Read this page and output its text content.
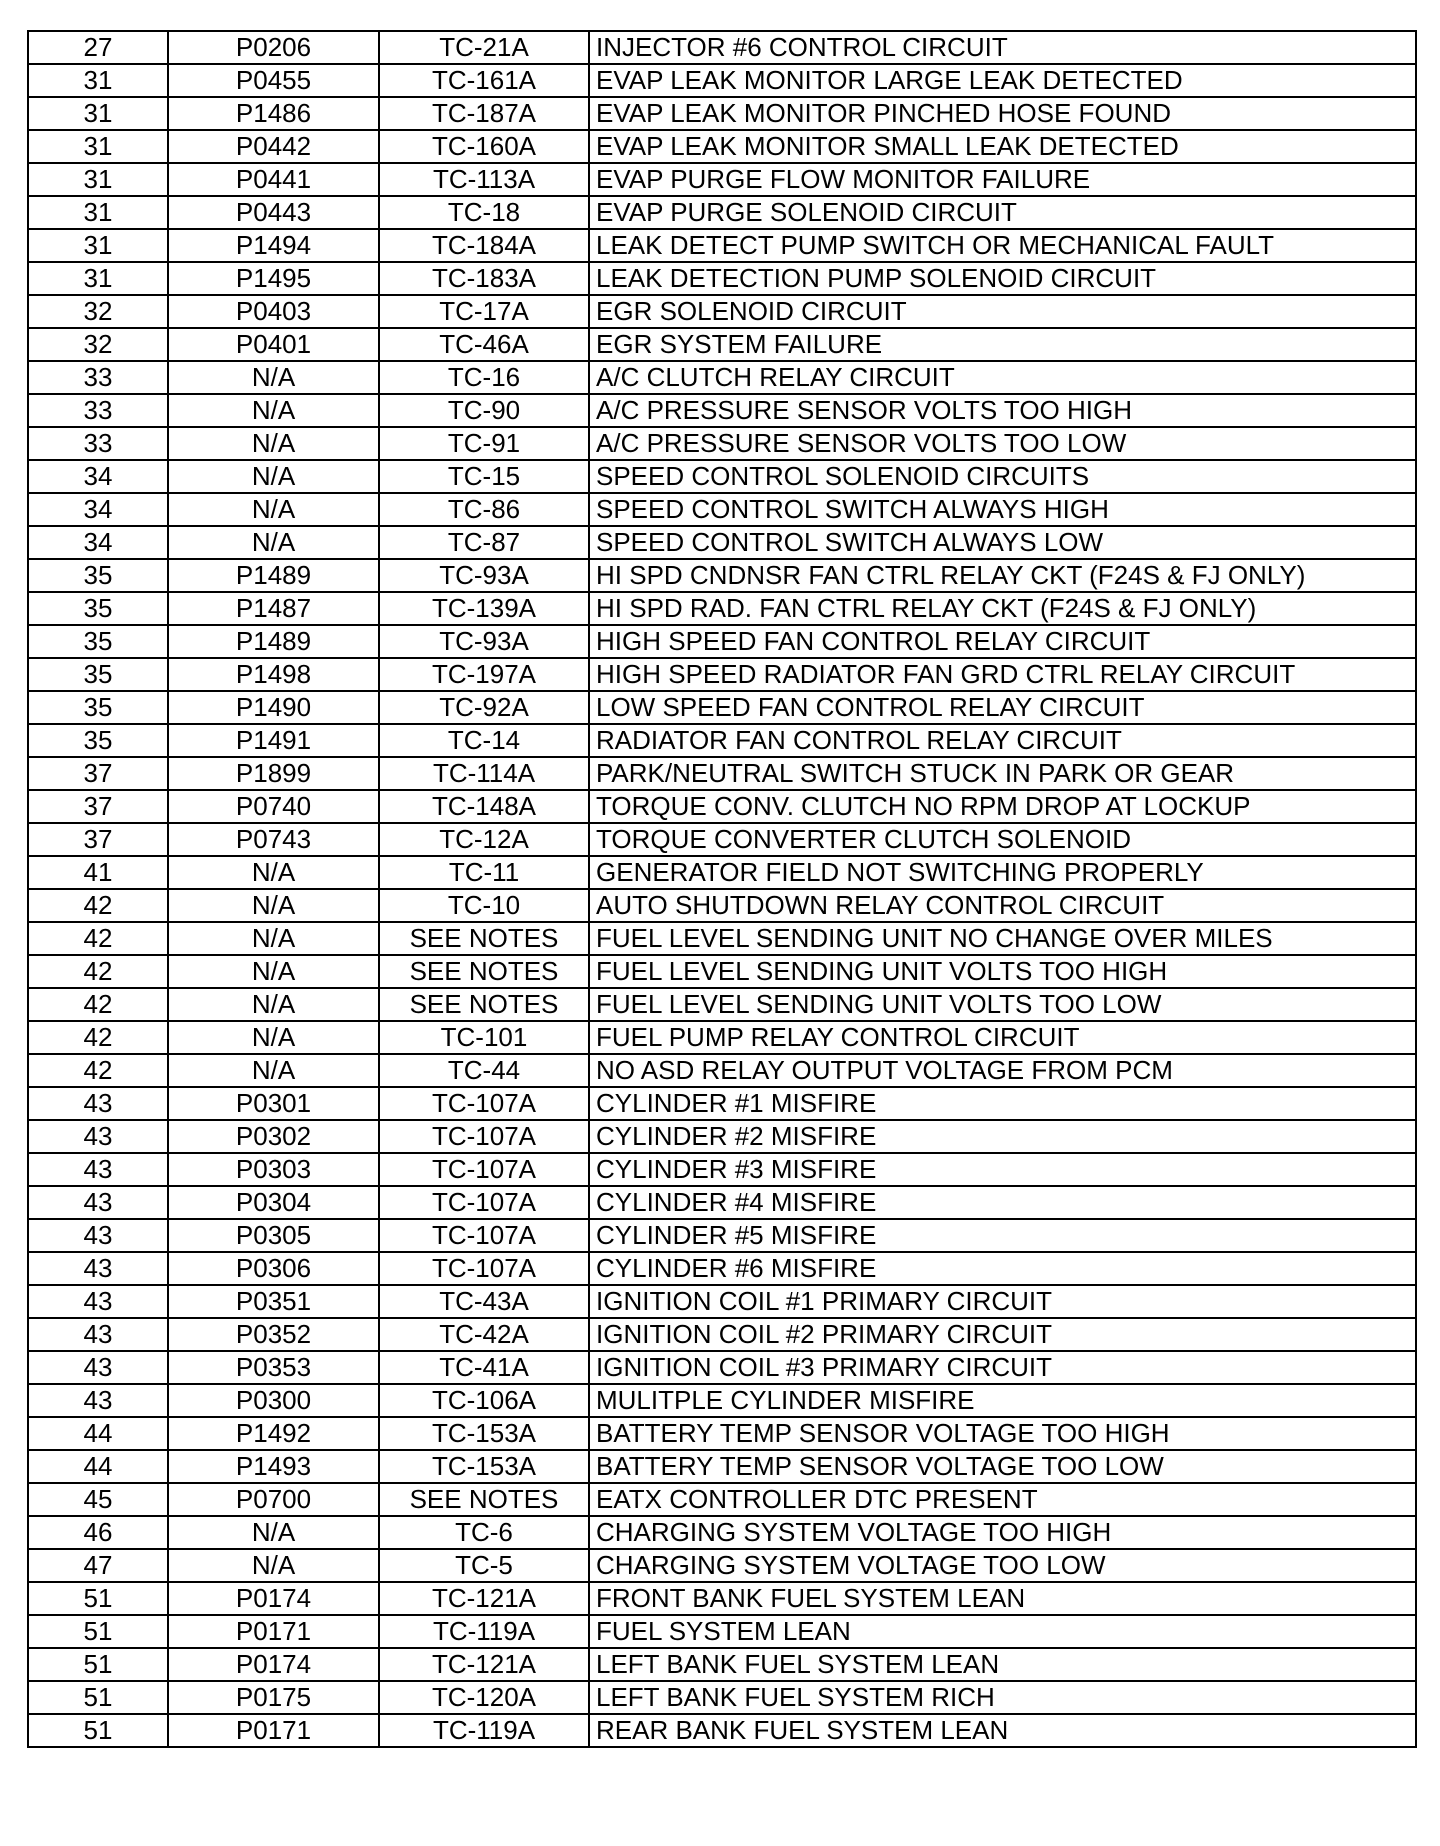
27	P0206	TC-21A	INJECTOR #6 CONTROL CIRCUIT
31	P0455	TC-161A	EVAP LEAK MONITOR LARGE LEAK DETECTED
31	P1486	TC-187A	EVAP LEAK MONITOR PINCHED HOSE FOUND
31	P0442	TC-160A	EVAP LEAK MONITOR SMALL LEAK DETECTED
31	P0441	TC-113A	EVAP PURGE FLOW MONITOR FAILURE
31	P0443	TC-18	EVAP PURGE SOLENOID CIRCUIT
31	P1494	TC-184A	LEAK DETECT PUMP SWITCH OR MECHANICAL FAULT
31	P1495	TC-183A	LEAK DETECTION PUMP SOLENOID CIRCUIT
32	P0403	TC-17A	EGR SOLENOID CIRCUIT
32	P0401	TC-46A	EGR SYSTEM FAILURE
33	N/A	TC-16	A/C CLUTCH RELAY CIRCUIT
33	N/A	TC-90	A/C PRESSURE SENSOR VOLTS TOO HIGH
33	N/A	TC-91	A/C PRESSURE SENSOR VOLTS TOO LOW
34	N/A	TC-15	SPEED CONTROL SOLENOID CIRCUITS
34	N/A	TC-86	SPEED CONTROL SWITCH ALWAYS HIGH
34	N/A	TC-87	SPEED CONTROL SWITCH ALWAYS LOW
35	P1489	TC-93A	HI SPD CNDNSR FAN CTRL RELAY CKT (F24S & FJ ONLY)
35	P1487	TC-139A	HI SPD RAD. FAN CTRL RELAY CKT (F24S & FJ ONLY)
35	P1489	TC-93A	HIGH SPEED FAN CONTROL RELAY CIRCUIT
35	P1498	TC-197A	HIGH SPEED RADIATOR FAN GRD CTRL RELAY CIRCUIT
35	P1490	TC-92A	LOW SPEED FAN CONTROL RELAY CIRCUIT
35	P1491	TC-14	RADIATOR FAN CONTROL RELAY CIRCUIT
37	P1899	TC-114A	PARK/NEUTRAL SWITCH STUCK IN PARK OR GEAR
37	P0740	TC-148A	TORQUE CONV. CLUTCH NO RPM DROP AT LOCKUP
37	P0743	TC-12A	TORQUE CONVERTER CLUTCH SOLENOID
41	N/A	TC-11	GENERATOR FIELD NOT SWITCHING PROPERLY
42	N/A	TC-10	AUTO SHUTDOWN RELAY CONTROL CIRCUIT
42	N/A	SEE NOTES	FUEL LEVEL SENDING UNIT NO CHANGE OVER MILES
42	N/A	SEE NOTES	FUEL LEVEL SENDING UNIT VOLTS TOO HIGH
42	N/A	SEE NOTES	FUEL LEVEL SENDING UNIT VOLTS TOO LOW
42	N/A	TC-101	FUEL PUMP RELAY CONTROL CIRCUIT
42	N/A	TC-44	NO ASD RELAY OUTPUT VOLTAGE FROM PCM
43	P0301	TC-107A	CYLINDER #1 MISFIRE
43	P0302	TC-107A	CYLINDER #2 MISFIRE
43	P0303	TC-107A	CYLINDER #3 MISFIRE
43	P0304	TC-107A	CYLINDER #4 MISFIRE
43	P0305	TC-107A	CYLINDER #5 MISFIRE
43	P0306	TC-107A	CYLINDER #6 MISFIRE
43	P0351	TC-43A	IGNITION COIL #1 PRIMARY CIRCUIT
43	P0352	TC-42A	IGNITION COIL #2 PRIMARY CIRCUIT
43	P0353	TC-41A	IGNITION COIL #3 PRIMARY CIRCUIT
43	P0300	TC-106A	MULITPLE CYLINDER MISFIRE
44	P1492	TC-153A	BATTERY TEMP SENSOR VOLTAGE TOO HIGH
44	P1493	TC-153A	BATTERY TEMP SENSOR VOLTAGE TOO LOW
45	P0700	SEE NOTES	EATX CONTROLLER DTC PRESENT
46	N/A	TC-6	CHARGING SYSTEM VOLTAGE TOO HIGH
47	N/A	TC-5	CHARGING SYSTEM VOLTAGE TOO LOW
51	P0174	TC-121A	FRONT BANK FUEL SYSTEM LEAN
51	P0171	TC-119A	FUEL SYSTEM LEAN
51	P0174	TC-121A	LEFT BANK FUEL SYSTEM LEAN
51	P0175	TC-120A	LEFT BANK FUEL SYSTEM RICH
51	P0171	TC-119A	REAR BANK FUEL SYSTEM LEAN
